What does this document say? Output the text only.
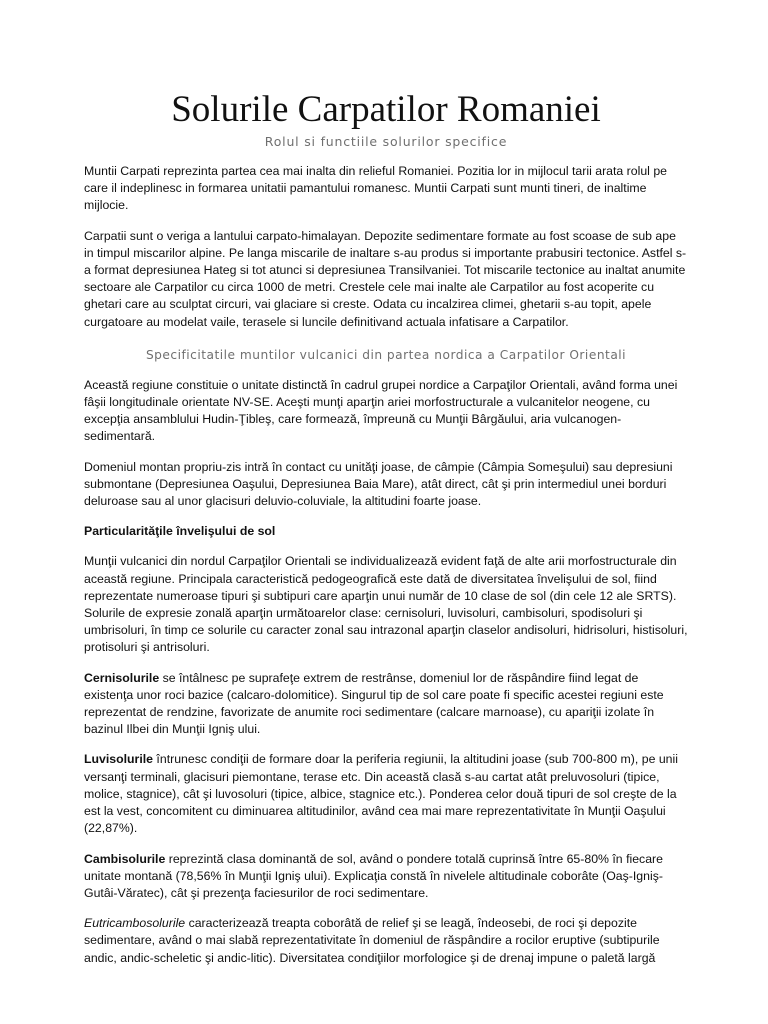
Solurile Carpatilor Romaniei

Rolul si functiile solurilor specifice

Muntii Carpati reprezinta partea cea mai inalta din relieful Romaniei. Pozitia lor in mijlocul tarii arata rolul pe care il indeplinesc in formarea unitatii pamantului romanesc. Muntii Carpati sunt munti tineri, de inaltime mijlocie.

Carpatii sunt o veriga a lantului carpato-himalayan. Depozite sedimentare formate au fost scoase de sub ape in timpul miscarilor alpine. Pe langa miscarile de inaltare s-au produs si importante prabusiri tectonice. Astfel s-a format depresiunea Hateg si tot atunci si depresiunea Transilvaniei. Tot miscarile tectonice au inaltat anumite sectoare ale Carpatilor cu circa 1000 de metri. Crestele cele mai inalte ale Carpatilor au fost acoperite cu ghetari care au sculptat circuri, vai glaciare si creste. Odata cu incalzirea climei, ghetarii s-au topit, apele curgatoare au modelat vaile, terasele si luncile definitivand actuala infatisare a Carpatilor.

Specificitatile muntilor vulcanici din partea nordica a Carpatilor Orientali

Această regiune constituie o unitate distinctă în cadrul grupei nordice a Carpaţilor Orientali, având forma unei fâşii longitudinale orientate NV-SE. Aceşti munţi aparţin ariei morfostructurale a vulcanitelor neogene, cu excepţia ansamblului Hudin-Ţibleş, care formează, împreună cu Munţii Bârgăului, aria vulcanogen-sedimentară.

Domeniul montan propriu-zis intră în contact cu unităţi joase, de câmpie (Câmpia Someşului) sau depresiuni submontane (Depresiunea Oaşului, Depresiunea Baia Mare), atât direct, cât şi prin intermediul unei borduri deluroase sau al unor glacisuri deluvio-coluviale, la altitudini foarte joase.

Particularităţile învelişului de sol

Munţii vulcanici din nordul Carpaţilor Orientali se individualizează evident faţă de alte arii morfostructurale din această regiune. Principala caracteristică pedogeografică este dată de diversitatea învelişului de sol, fiind reprezentate numeroase tipuri şi subtipuri care aparţin unui număr de 10 clase de sol (din cele 12 ale SRTS). Solurile de expresie zonală aparţin următoarelor clase: cernisoluri, luvisoluri, cambisoluri, spodisoluri şi umbrisoluri, în timp ce solurile cu caracter zonal sau intrazonal aparţin claselor andisoluri, hidrisoluri, histisoluri, protisoluri şi antrisoluri.

Cernisolurile se întâlnesc pe suprafeţe extrem de restrânse, domeniul lor de răspândire fiind legat de existenţa unor roci bazice (calcaro-dolomitice). Singurul tip de sol care poate fi specific acestei regiuni este reprezentat de rendzine, favorizate de anumite roci sedimentare (calcare marnoase), cu apariţii izolate în bazinul Ilbei din Munţii Igniş ului.

Luvisolurile întrunesc condiţii de formare doar la periferia regiunii, la altitudini joase (sub 700-800 m), pe unii versanţi terminali, glacisuri piemontane, terase etc. Din această clasă s-au cartat atât preluvosoluri (tipice, molice, stagnice), cât şi luvosoluri (tipice, albice, stagnice etc.). Ponderea celor două tipuri de sol creşte de la est la vest, concomitent cu diminuarea altitudinilor, având cea mai mare reprezentativitate în Munţii Oaşului (22,87%).

Cambisolurile reprezintă clasa dominantă de sol, având o pondere totală cuprinsă între 65-80% în fiecare unitate montană (78,56% în Munţii Igniş ului). Explicaţia constă în nivelele altitudinale coborâte (Oaş-Igniş-Gutâi-Văratec), cât şi prezenţa faciesurilor de roci sedimentare.

Eutricambosolurile caracterizează treapta coborâtă de relief şi se leagă, îndeosebi, de roci şi depozite sedimentare, având o mai slabă reprezentativitate în domeniul de răspândire a rocilor eruptive (subtipurile andic, andic-scheletic şi andic-litic). Diversitatea condiţiilor morfologice şi de drenaj impune o paletă largă
